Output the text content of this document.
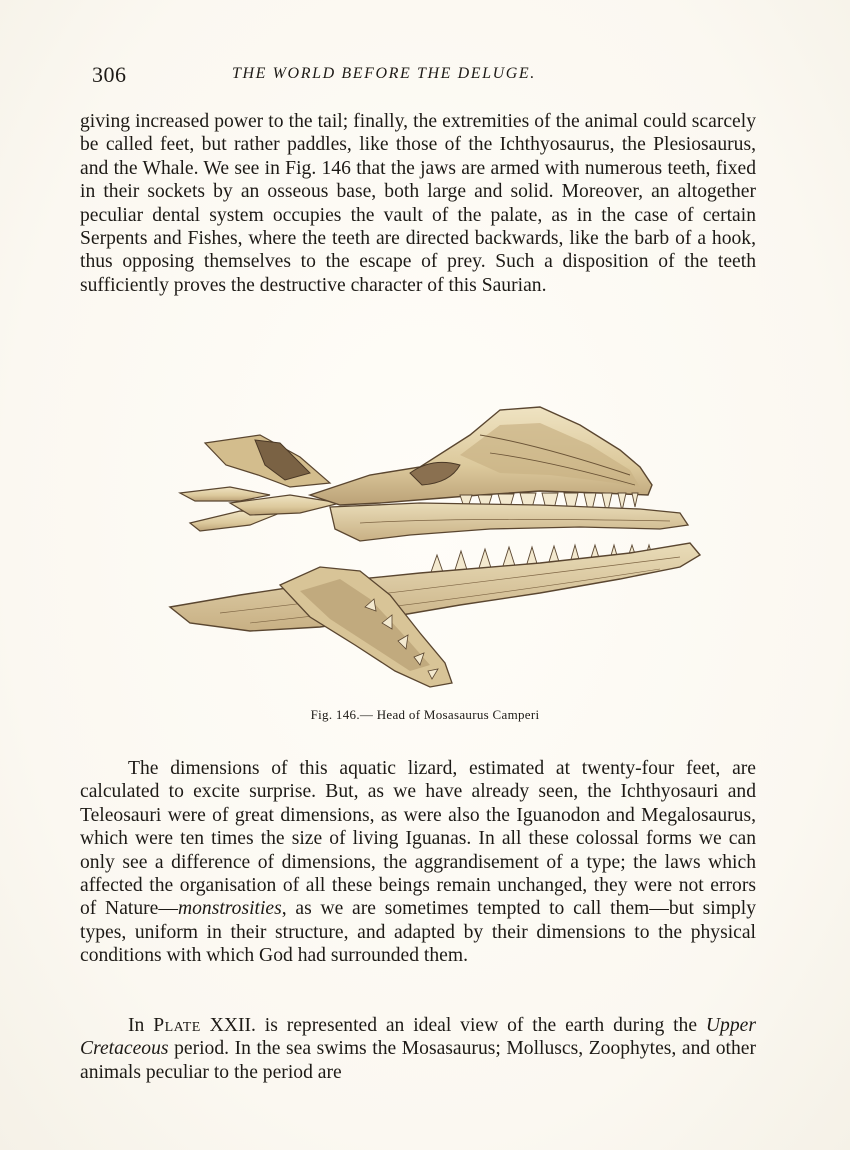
306	THE WORLD BEFORE THE DELUGE.

giving increased power to the tail; finally, the extremities of the animal could scarcely be called feet, but rather paddles, like those of the Ichthyosaurus, the Plesiosaurus, and the Whale. We see in Fig. 146 that the jaws are armed with numerous teeth, fixed in their sockets by an osseous base, both large and solid. Moreover, an altogether peculiar dental system occupies the vault of the palate, as in the case of certain Serpents and Fishes, where the teeth are directed backwards, like the barb of a hook, thus opposing themselves to the escape of prey. Such a disposition of the teeth sufficiently proves the destructive character of this Saurian.

Fig. 146.— Head of Mosasaurus Camperi

The dimensions of this aquatic lizard, estimated at twenty-four feet, are calculated to excite surprise. But, as we have already seen, the Ichthyosauri and Teleosauri were of great dimensions, as were also the Iguanodon and Megalosaurus, which were ten times the size of living Iguanas. In all these colossal forms we can only see a difference of dimensions, the aggrandisement of a type; the laws which affected the organisation of all these beings remain unchanged, they were not errors of Nature—monstrosities, as we are sometimes tempted to call them—but simply types, uniform in their structure, and adapted by their dimensions to the physical conditions with which God had surrounded them.

In Plate XXII. is represented an ideal view of the earth during the Upper Cretaceous period. In the sea swims the Mosasaurus; Molluscs, Zoophytes, and other animals peculiar to the period are
